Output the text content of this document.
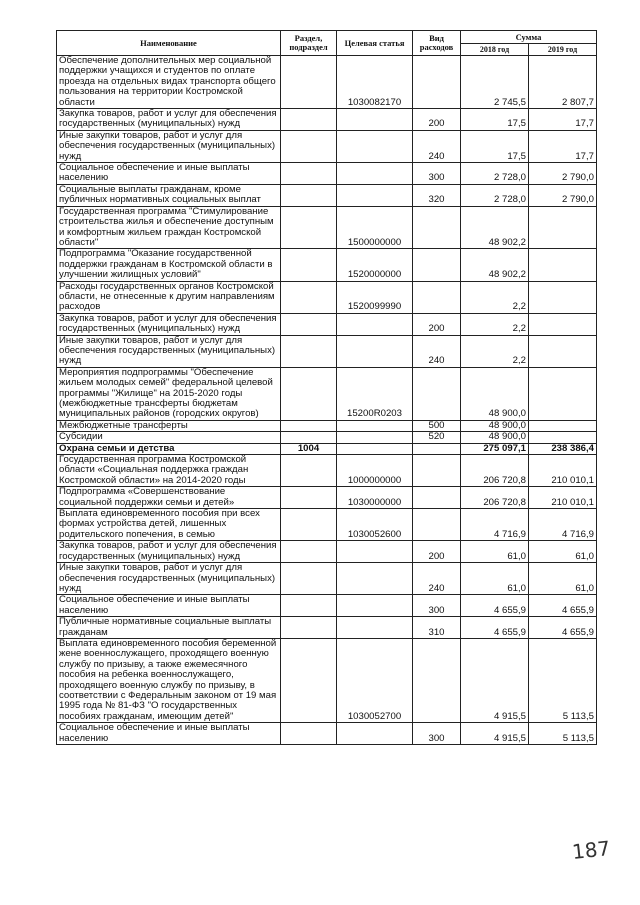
Наименование	Раздел, подраздел	Целевая статья	Вид расходов	Сумма	
				2018 год	2019 год
Обеспечение дополнительных мер социальной поддержки учащихся и студентов по оплате проезда на отдельных видах транспорта общего пользования на территории Костромской области		1030082170		2 745,5	2 807,7
Закупка товаров, работ и услуг для обеспечения государственных (муниципальных) нужд			200	17,5	17,7
Иные закупки товаров, работ и услуг для обеспечения государственных (муниципальных) нужд			240	17,5	17,7
Социальное обеспечение и иные выплаты населению			300	2 728,0	2 790,0
Социальные выплаты гражданам, кроме публичных нормативных социальных выплат			320	2 728,0	2 790,0
Государственная программа "Стимулирование строительства жилья и обеспечение доступным и комфортным жильем граждан Костромской области"		1500000000		48 902,2	
Подпрограмма "Оказание государственной поддержки гражданам в Костромской области в улучшении жилищных условий"		1520000000		48 902,2	
Расходы государственных органов Костромской области, не отнесенные к другим направлениям расходов		1520099990		2,2	
Закупка товаров, работ и услуг для обеспечения государственных (муниципальных) нужд			200	2,2	
Иные закупки товаров, работ и услуг для обеспечения государственных (муниципальных) нужд			240	2,2	
Мероприятия подпрограммы "Обеспечение жильем молодых семей" федеральной целевой программы "Жилище" на 2015-2020 годы (межбюджетные трансферты бюджетам муниципальных районов (городских округов)		15200R0203		48 900,0	
Межбюджетные трансферты			500	48 900,0	
Субсидии			520	48 900,0	
Охрана семьи и детства	1004			275 097,1	238 386,4
Государственная программа Костромской области «Социальная поддержка граждан Костромской области» на 2014-2020 годы		1000000000		206 720,8	210 010,1
Подпрограмма «Совершенствование социальной поддержки семьи и детей»		1030000000		206 720,8	210 010,1
Выплата единовременного пособия при всех формах устройства детей, лишенных родительского попечения, в семью		1030052600		4 716,9	4 716,9
Закупка товаров, работ и услуг для обеспечения государственных (муниципальных) нужд			200	61,0	61,0
Иные закупки товаров, работ и услуг для обеспечения государственных (муниципальных) нужд			240	61,0	61,0
Социальное обеспечение и иные выплаты населению			300	4 655,9	4 655,9
Публичные нормативные социальные выплаты гражданам			310	4 655,9	4 655,9
Выплата единовременного пособия беременной жене военнослужащего, проходящего военную службу по призыву, а также ежемесячного пособия на ребенка военнослужащего, проходящего военную службу по призыву, в соответствии с Федеральным законом от 19 мая 1995 года № 81-ФЗ "О государственных пособиях гражданам, имеющим детей"		1030052700		4 915,5	5 113,5
Социальное обеспечение и иные выплаты населению			300	4 915,5	5 113,5
187
